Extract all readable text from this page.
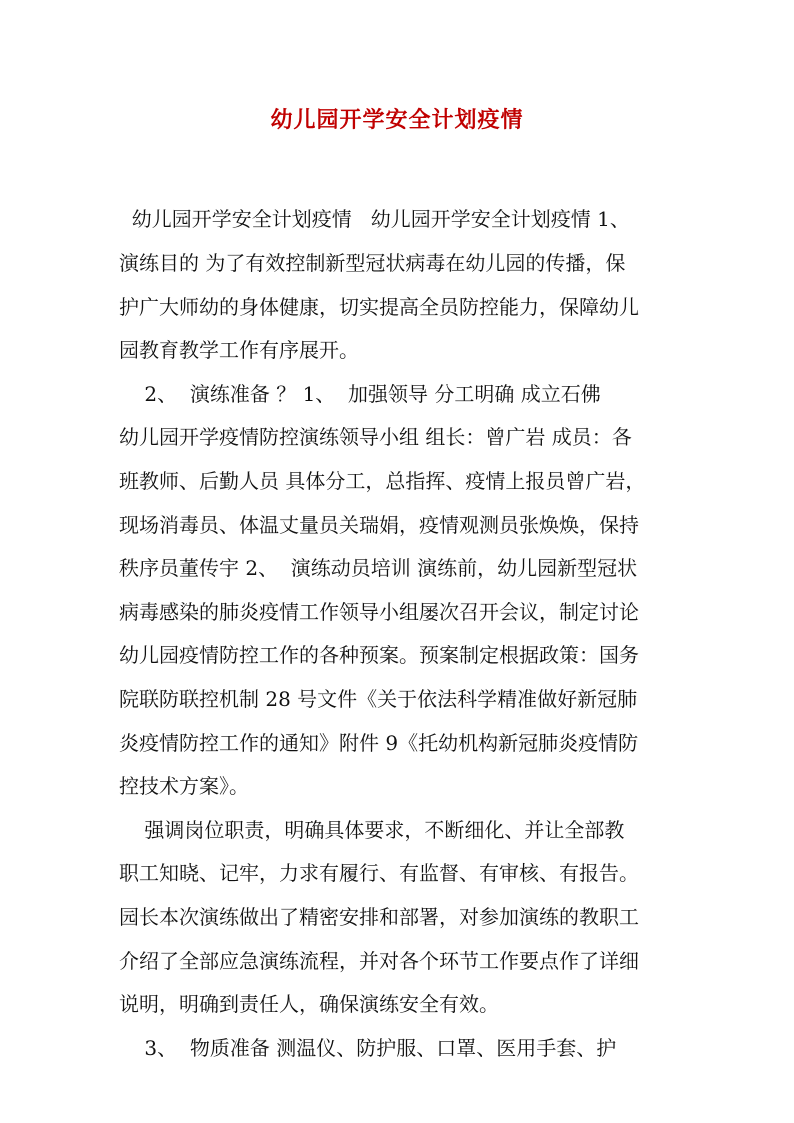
幼儿园开学安全计划疫情
幼儿园开学安全计划疫情   幼儿园开学安全计划疫情 1、
演练目的 为了有效控制新型冠状病毒在幼儿园的传播，保
护广大师幼的身体健康，切实提高全员防控能力，保障幼儿
园教育教学工作有序展开。
2、  演练准备 ？ 1、  加强领导 分工明确 成立石佛
幼儿园开学疫情防控演练领导小组 组长：曾广岩 成员：各
班教师、后勤人员 具体分工，总指挥、疫情上报员曾广岩，
现场消毒员、体温丈量员关瑞娟，疫情观测员张焕焕，保持
秩序员董传宇 2、  演练动员培训 演练前，幼儿园新型冠状
病毒感染的肺炎疫情工作领导小组屡次召开会议，制定讨论
幼儿园疫情防控工作的各种预案。预案制定根据政策：国务
院联防联控机制 28 号文件《关于依法科学精准做好新冠肺
炎疫情防控工作的通知》附件 9《托幼机构新冠肺炎疫情防
控技术方案》。
强调岗位职责，明确具体要求，不断细化、并让全部教
职工知晓、记牢，力求有履行、有监督、有审核、有报告。
园长本次演练做出了精密安排和部署，对参加演练的教职工
介绍了全部应急演练流程，并对各个环节工作要点作了详细
说明，明确到责任人，确保演练安全有效。
3、  物质准备 测温仪、防护服、口罩、医用手套、护
